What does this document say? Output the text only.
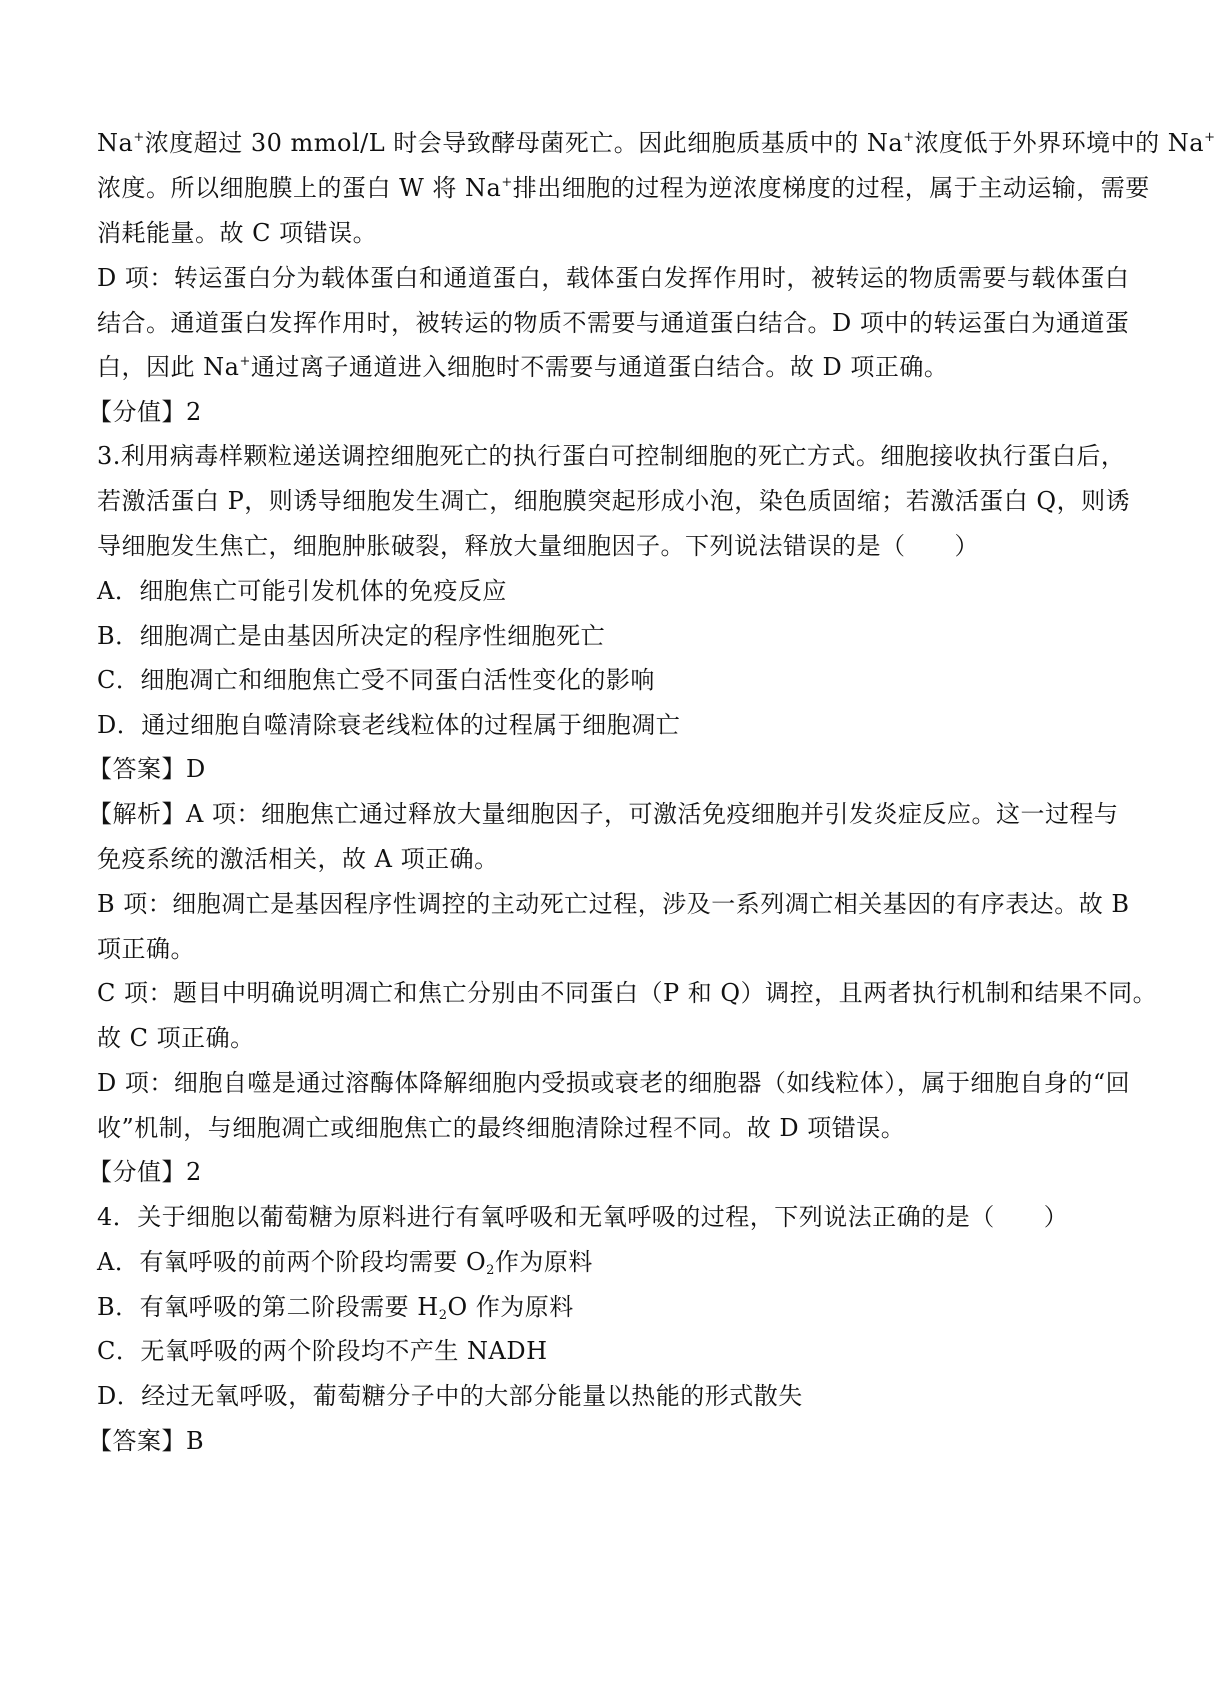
Na+浓度超过 30 mmol/L 时会导致酵母菌死亡。因此细胞质基质中的 Na+浓度低于外界环境中的 Na+
浓度。所以细胞膜上的蛋白 W 将 Na+排出细胞的过程为逆浓度梯度的过程，属于主动运输，需要
消耗能量。故 C 项错误。
D 项：转运蛋白分为载体蛋白和通道蛋白，载体蛋白发挥作用时，被转运的物质需要与载体蛋白
结合。通道蛋白发挥作用时，被转运的物质不需要与通道蛋白结合。D 项中的转运蛋白为通道蛋
白，因此 Na+通过离子通道进入细胞时不需要与通道蛋白结合。故 D 项正确。
【分值】2
3.利用病毒样颗粒递送调控细胞死亡的执行蛋白可控制细胞的死亡方式。细胞接收执行蛋白后，
若激活蛋白 P，则诱导细胞发生凋亡，细胞膜突起形成小泡，染色质固缩；若激活蛋白 Q，则诱
导细胞发生焦亡，细胞肿胀破裂，释放大量细胞因子。下列说法错误的是（　　）
A．细胞焦亡可能引发机体的免疫反应
B．细胞凋亡是由基因所决定的程序性细胞死亡
C．细胞凋亡和细胞焦亡受不同蛋白活性变化的影响
D．通过细胞自噬清除衰老线粒体的过程属于细胞凋亡
【答案】D
【解析】A 项：细胞焦亡通过释放大量细胞因子，可激活免疫细胞并引发炎症反应。这一过程与
免疫系统的激活相关，故 A 项正确。
B 项：细胞凋亡是基因程序性调控的主动死亡过程，涉及一系列凋亡相关基因的有序表达。故 B
项正确。
C 项：题目中明确说明凋亡和焦亡分别由不同蛋白（P 和 Q）调控，且两者执行机制和结果不同。
故 C 项正确。
D 项：细胞自噬是通过溶酶体降解细胞内受损或衰老的细胞器（如线粒体），属于细胞自身的“回
收”机制，与细胞凋亡或细胞焦亡的最终细胞清除过程不同。故 D 项错误。
【分值】2
4．关于细胞以葡萄糖为原料进行有氧呼吸和无氧呼吸的过程，下列说法正确的是（　　）
A．有氧呼吸的前两个阶段均需要 $O_2$作为原料
B．有氧呼吸的第二阶段需要 $H_2O$ 作为原料
C．无氧呼吸的两个阶段均不产生 NADH
D．经过无氧呼吸，葡萄糖分子中的大部分能量以热能的形式散失
【答案】B
